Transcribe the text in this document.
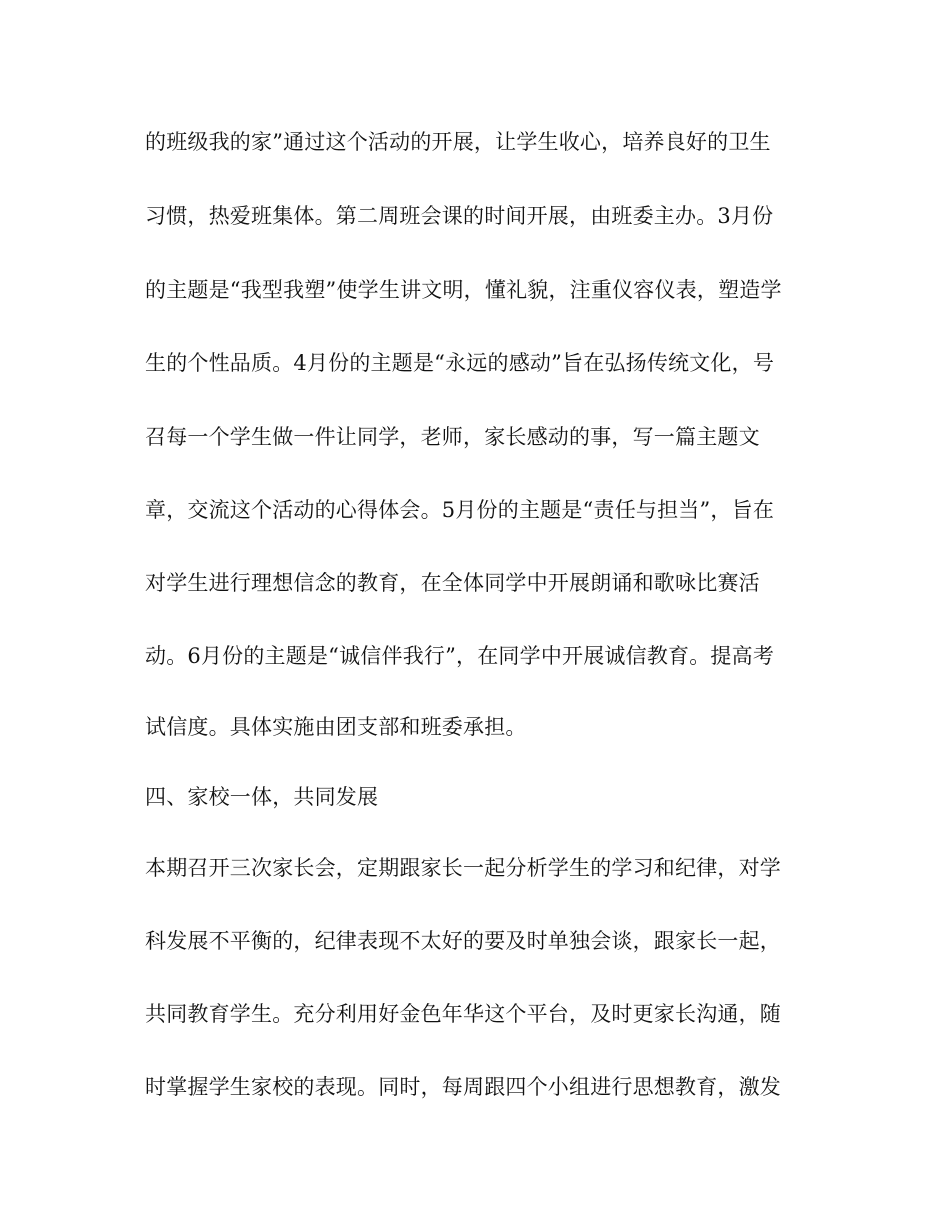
的班级我的家”通过这个活动的开展，让学生收心，培养良好的卫生
习惯，热爱班集体。第二周班会课的时间开展，由班委主办。3月份
的主题是“我型我塑”使学生讲文明，懂礼貌，注重仪容仪表，塑造学
生的个性品质。4月份的主题是“永远的感动”旨在弘扬传统文化，号
召每一个学生做一件让同学，老师，家长感动的事，写一篇主题文
章，交流这个活动的心得体会。5月份的主题是“责任与担当”，旨在
对学生进行理想信念的教育，在全体同学中开展朗诵和歌咏比赛活
动。6月份的主题是“诚信伴我行”，在同学中开展诚信教育。提高考
试信度。具体实施由团支部和班委承担。
四、家校一体，共同发展
本期召开三次家长会，定期跟家长一起分析学生的学习和纪律，对学
科发展不平衡的，纪律表现不太好的要及时单独会谈，跟家长一起，
共同教育学生。充分利用好金色年华这个平台，及时更家长沟通，随
时掌握学生家校的表现。同时，每周跟四个小组进行思想教育，激发
